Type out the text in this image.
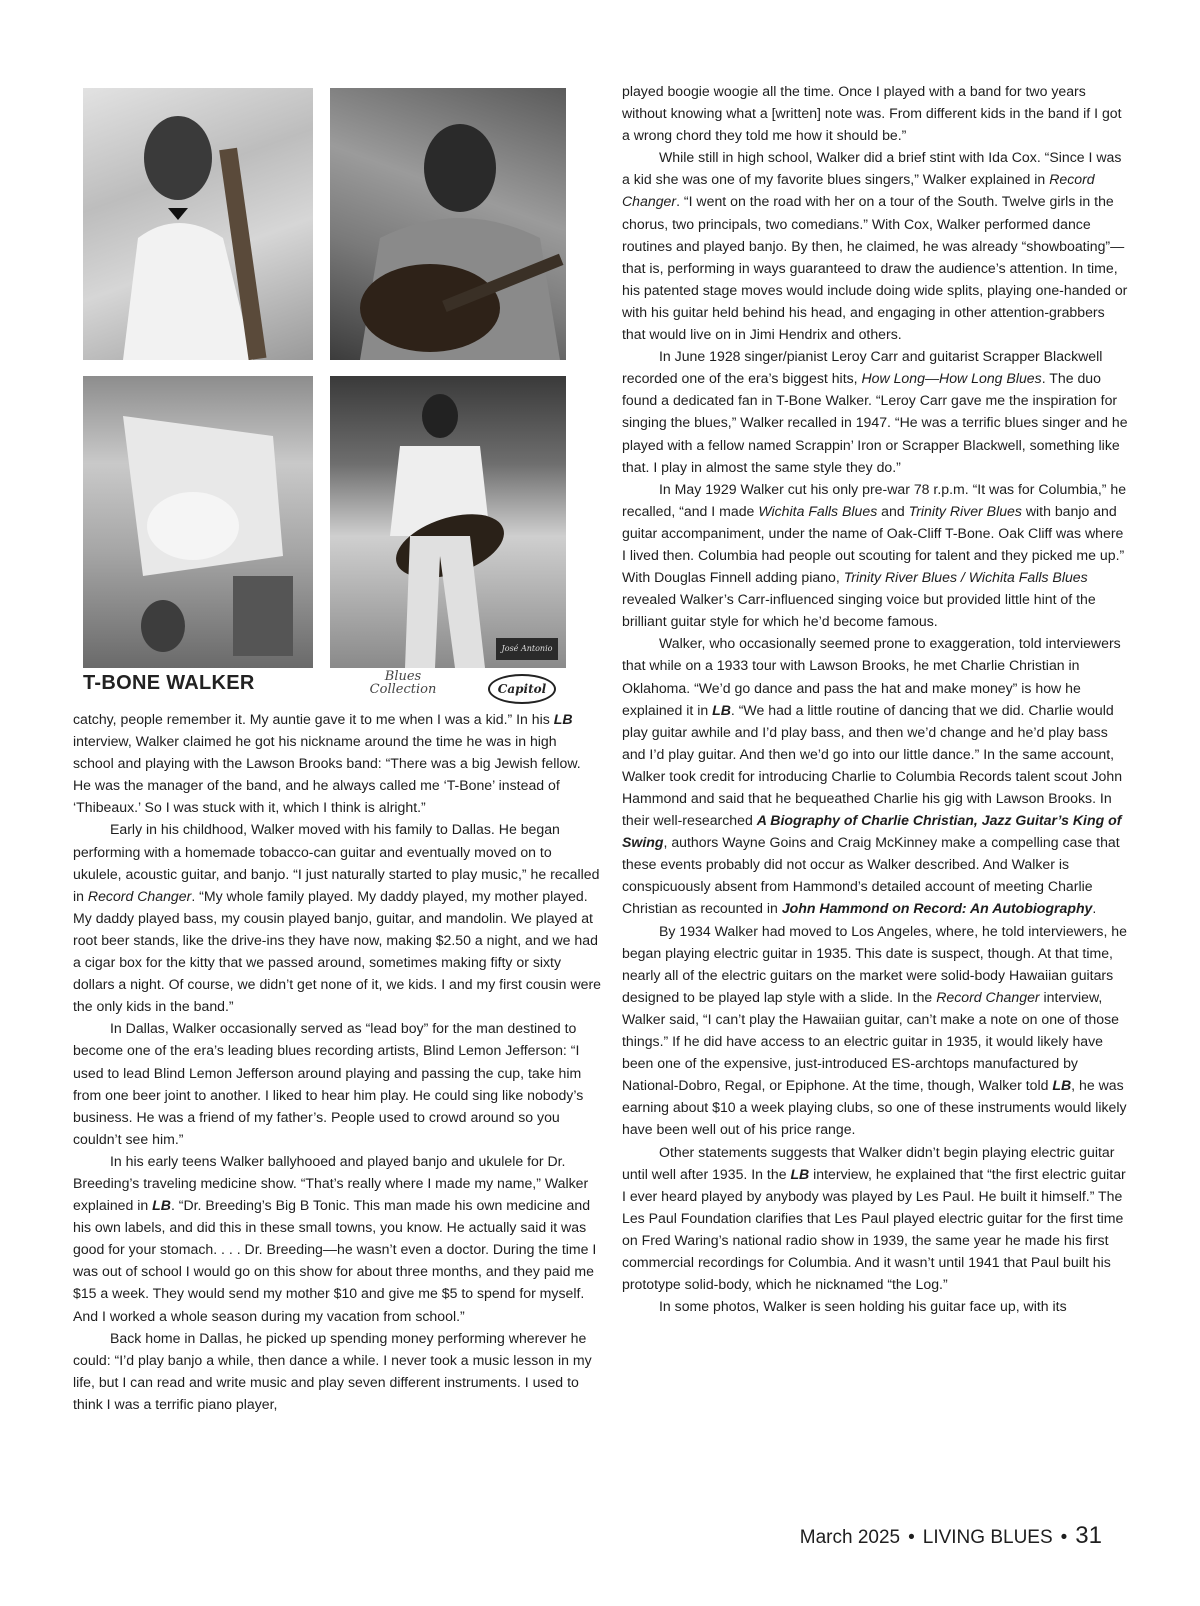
José Antonio
T-BONE WALKER	Blues Collection	Capitol

catchy, people remember it. My auntie gave it to me when I was a kid.” In his LB interview, Walker claimed he got his nickname around the time he was in high school and playing with the Lawson Brooks band: “There was a big Jewish fellow. He was the manager of the band, and he always called me ‘T-Bone’ instead of ‘Thibeaux.’ So I was stuck with it, which I think is alright.”

Early in his childhood, Walker moved with his family to Dallas. He began performing with a homemade tobacco-can guitar and eventually moved on to ukulele, acoustic guitar, and banjo. “I just naturally started to play music,” he recalled in Record Changer. “My whole family played. My daddy played, my mother played. My daddy played bass, my cousin played banjo, guitar, and mandolin. We played at root beer stands, like the drive-ins they have now, making $2.50 a night, and we had a cigar box for the kitty that we passed around, sometimes making fifty or sixty dollars a night. Of course, we didn’t get none of it, we kids. I and my first cousin were the only kids in the band.”

In Dallas, Walker occasionally served as “lead boy” for the man destined to become one of the era’s leading blues recording artists, Blind Lemon Jefferson: “I used to lead Blind Lemon Jefferson around playing and passing the cup, take him from one beer joint to another. I liked to hear him play. He could sing like nobody’s business. He was a friend of my father’s. People used to crowd around so you couldn’t see him.”

In his early teens Walker ballyhooed and played banjo and ukulele for Dr. Breeding’s traveling medicine show. “That’s really where I made my name,” Walker explained in LB. “Dr. Breeding’s Big B Tonic. This man made his own medicine and his own labels, and did this in these small towns, you know. He actually said it was good for your stomach. . . . Dr. Breeding—he wasn’t even a doctor. During the time I was out of school I would go on this show for about three months, and they paid me $15 a week. They would send my mother $10 and give me $5 to spend for myself. And I worked a whole season during my vacation from school.”

Back home in Dallas, he picked up spending money performing wherever he could: “I’d play banjo a while, then dance a while. I never took a music lesson in my life, but I can read and write music and play seven different instruments. I used to think I was a terrific piano player,

played boogie woogie all the time. Once I played with a band for two years without knowing what a [written] note was. From different kids in the band if I got a wrong chord they told me how it should be.”

While still in high school, Walker did a brief stint with Ida Cox. “Since I was a kid she was one of my favorite blues singers,” Walker explained in Record Changer. “I went on the road with her on a tour of the South. Twelve girls in the chorus, two principals, two comedians.” With Cox, Walker performed dance routines and played banjo. By then, he claimed, he was already “showboating”—that is, performing in ways guaranteed to draw the audience’s attention. In time, his patented stage moves would include doing wide splits, playing one-handed or with his guitar held behind his head, and engaging in other attention-grabbers that would live on in Jimi Hendrix and others.

In June 1928 singer/pianist Leroy Carr and guitarist Scrapper Blackwell recorded one of the era’s biggest hits, How Long—How Long Blues. The duo found a dedicated fan in T-Bone Walker. “Leroy Carr gave me the inspiration for singing the blues,” Walker recalled in 1947. “He was a terrific blues singer and he played with a fellow named Scrappin’ Iron or Scrapper Blackwell, something like that. I play in almost the same style they do.”

In May 1929 Walker cut his only pre-war 78 r.p.m. “It was for Columbia,” he recalled, “and I made Wichita Falls Blues and Trinity River Blues with banjo and guitar accompaniment, under the name of Oak-Cliff T-Bone. Oak Cliff was where I lived then. Columbia had people out scouting for talent and they picked me up.” With Douglas Finnell adding piano, Trinity River Blues / Wichita Falls Blues revealed Walker’s Carr-influenced singing voice but provided little hint of the brilliant guitar style for which he’d become famous.

Walker, who occasionally seemed prone to exaggeration, told interviewers that while on a 1933 tour with Lawson Brooks, he met Charlie Christian in Oklahoma. “We’d go dance and pass the hat and make money” is how he explained it in LB. “We had a little routine of dancing that we did. Charlie would play guitar awhile and I’d play bass, and then we’d change and he’d play bass and I’d play guitar. And then we’d go into our little dance.” In the same account, Walker took credit for introducing Charlie to Columbia Records talent scout John Hammond and said that he bequeathed Charlie his gig with Lawson Brooks. In their well-researched A Biography of Charlie Christian, Jazz Guitar’s King of Swing, authors Wayne Goins and Craig McKinney make a compelling case that these events probably did not occur as Walker described. And Walker is conspicuously absent from Hammond’s detailed account of meeting Charlie Christian as recounted in John Hammond on Record: An Autobiography.

By 1934 Walker had moved to Los Angeles, where, he told interviewers, he began playing electric guitar in 1935. This date is suspect, though. At that time, nearly all of the electric guitars on the market were solid-body Hawaiian guitars designed to be played lap style with a slide. In the Record Changer interview, Walker said, “I can’t play the Hawaiian guitar, can’t make a note on one of those things.” If he did have access to an electric guitar in 1935, it would likely have been one of the expensive, just-introduced ES-archtops manufactured by National-Dobro, Regal, or Epiphone. At the time, though, Walker told LB, he was earning about $10 a week playing clubs, so one of these instruments would likely have been well out of his price range.

Other statements suggests that Walker didn’t begin playing electric guitar until well after 1935. In the LB interview, he explained that “the first electric guitar I ever heard played by anybody was played by Les Paul. He built it himself.” The Les Paul Foundation clarifies that Les Paul played electric guitar for the first time on Fred Waring’s national radio show in 1939, the same year he made his first commercial recordings for Columbia. And it wasn’t until 1941 that Paul built his prototype solid-body, which he nicknamed “the Log.”

In some photos, Walker is seen holding his guitar face up, with its

March 2025 • LIVING BLUES • 31
